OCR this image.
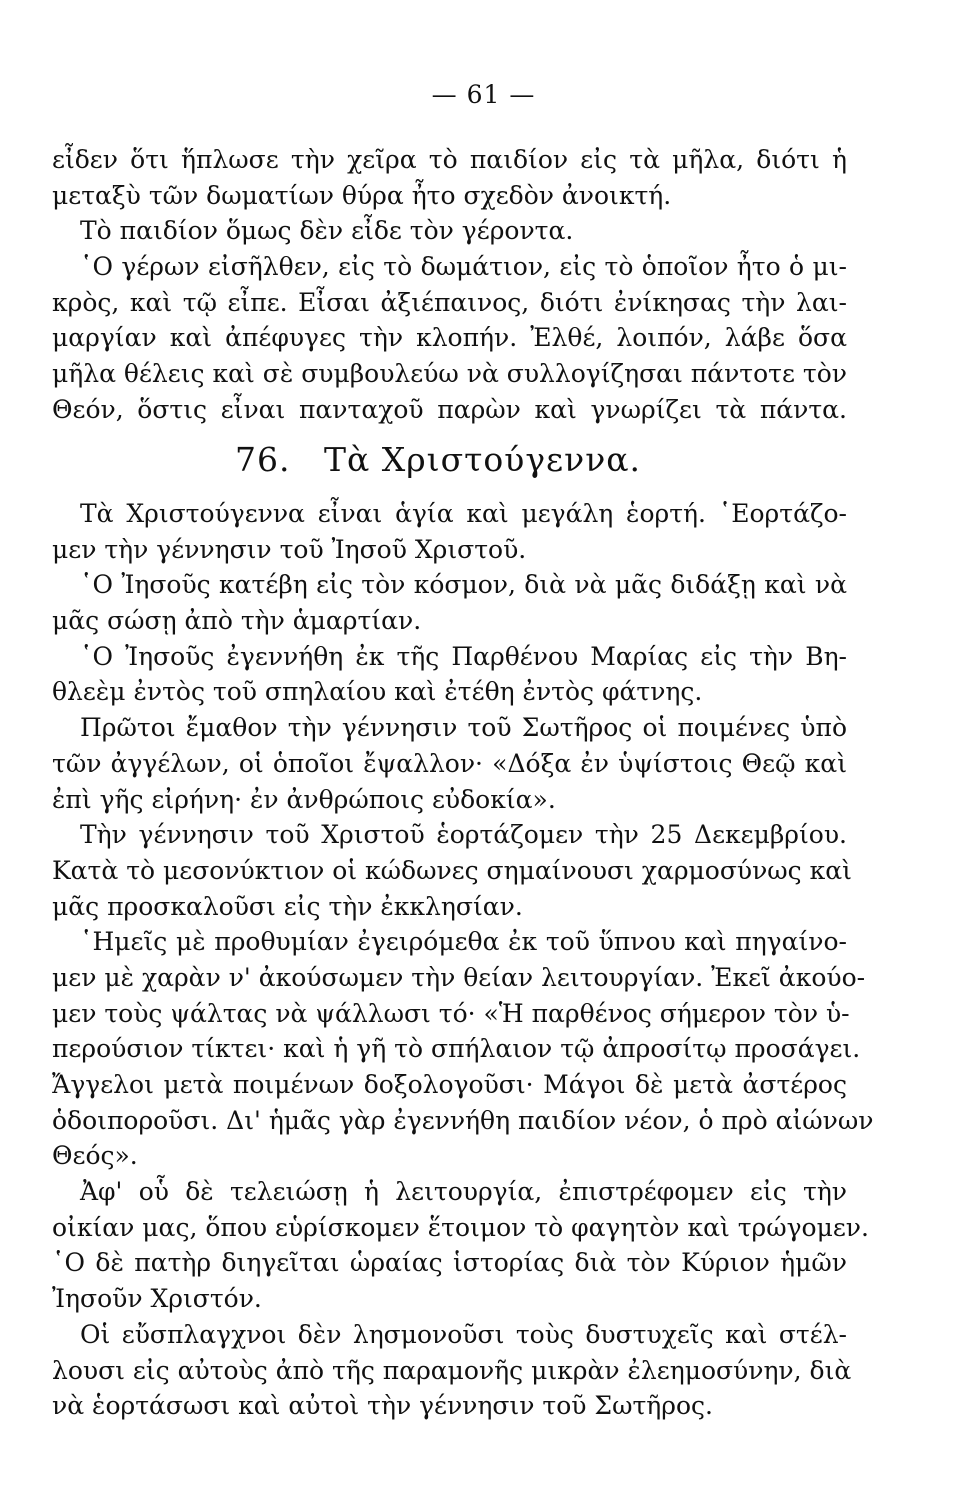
— 61 —
εἶδεν ὅτι ἥπλωσε τὴν χεῖρα τὸ παιδίον εἰς τὰ μῆλα, διότι ἡ
μεταξὺ τῶν δωματίων θύρα ἦτο σχεδὸν ἀνοικτή.
Τὸ παιδίον ὅμως δὲν εἶδε τὸν γέροντα.
῾Ο γέρων εἰσῆλθεν, εἰς τὸ δωμάτιον, εἰς τὸ ὁποῖον ἦτο ὁ μι-
κρὸς, καὶ τῷ εἶπε. Εἶσαι ἀξιέπαινος, διότι ἐνίκησας τὴν λαι-
μαργίαν καὶ ἀπέφυγες τὴν κλοπήν. Ἐλθέ, λοιπόν, λάβε ὅσα
μῆλα θέλεις καὶ σὲ συμβουλεύω νὰ συλλογίζησαι πάντοτε τὸν
Θεόν, ὅστις εἶναι πανταχοῦ παρὼν καὶ γνωρίζει τὰ πάντα.
76. Τὰ Χριστούγεννα.
Τὰ Χριστούγεννα εἶναι ἁγία καὶ μεγάλη ἑορτή. ῾Εορτάζο-
μεν τὴν γέννησιν τοῦ Ἰησοῦ Χριστοῦ.
῾Ο Ἰησοῦς κατέβη εἰς τὸν κόσμον, διὰ νὰ μᾶς διδάξῃ καὶ νὰ
μᾶς σώσῃ ἀπὸ τὴν ἁμαρτίαν.
῾Ο Ἰησοῦς ἐγεννήθη ἐκ τῆς Παρθένου Μαρίας εἰς τὴν Βη-
θλεὲμ ἐντὸς τοῦ σπηλαίου καὶ ἐτέθη ἐντὸς φάτνης.
Πρῶτοι ἔμαθον τὴν γέννησιν τοῦ Σωτῆρος οἱ ποιμένες ὑπὸ
τῶν ἀγγέλων, οἱ ὁποῖοι ἔψαλλον· «Δόξα ἐν ὑψίστοις Θεῷ καὶ
ἐπὶ γῆς εἰρήνη· ἐν ἀνθρώποις εὐδοκία».
Τὴν γέννησιν τοῦ Χριστοῦ ἑορτάζομεν τὴν 25 Δεκεμβρίου.
Κατὰ τὸ μεσονύκτιον οἱ κώδωνες σημαίνουσι χαρμοσύνως καὶ
μᾶς προσκαλοῦσι εἰς τὴν ἐκκλησίαν.
῾Ημεῖς μὲ προθυμίαν ἐγειρόμεθα ἐκ τοῦ ὕπνου καὶ πηγαίνο-
μεν μὲ χαρὰν ν' ἀκούσωμεν τὴν θείαν λειτουργίαν. Ἐκεῖ ἀκούο-
μεν τοὺς ψάλτας νὰ ψάλλωσι τό· «Ἡ παρθένος σήμερον τὸν ὑ-
περούσιον τίκτει· καὶ ἡ γῆ τὸ σπήλαιον τῷ ἀπροσίτῳ προσάγει.
Ἄγγελοι μετὰ ποιμένων δοξολογοῦσι· Μάγοι δὲ μετὰ ἀστέρος
ὁδοιποροῦσι. Δι' ἡμᾶς γὰρ ἐγεννήθη παιδίον νέον, ὁ πρὸ αἰώνων
Θεός».
Ἀφ' οὗ δὲ τελειώσῃ ἡ λειτουργία, ἐπιστρέφομεν εἰς τὴν
οἰκίαν μας, ὅπου εὑρίσκομεν ἕτοιμον τὸ φαγητὸν καὶ τρώγομεν.
῾Ο δὲ πατὴρ διηγεῖται ὡραίας ἱστορίας διὰ τὸν Κύριον ἡμῶν
Ἰησοῦν Χριστόν.
Οἱ εὔσπλαγχνοι δὲν λησμονοῦσι τοὺς δυστυχεῖς καὶ στέλ-
λουσι εἰς αὐτοὺς ἀπὸ τῆς παραμονῆς μικρὰν ἐλεημοσύνην, διὰ
νὰ ἑορτάσωσι καὶ αὐτοὶ τὴν γέννησιν τοῦ Σωτῆρος.
